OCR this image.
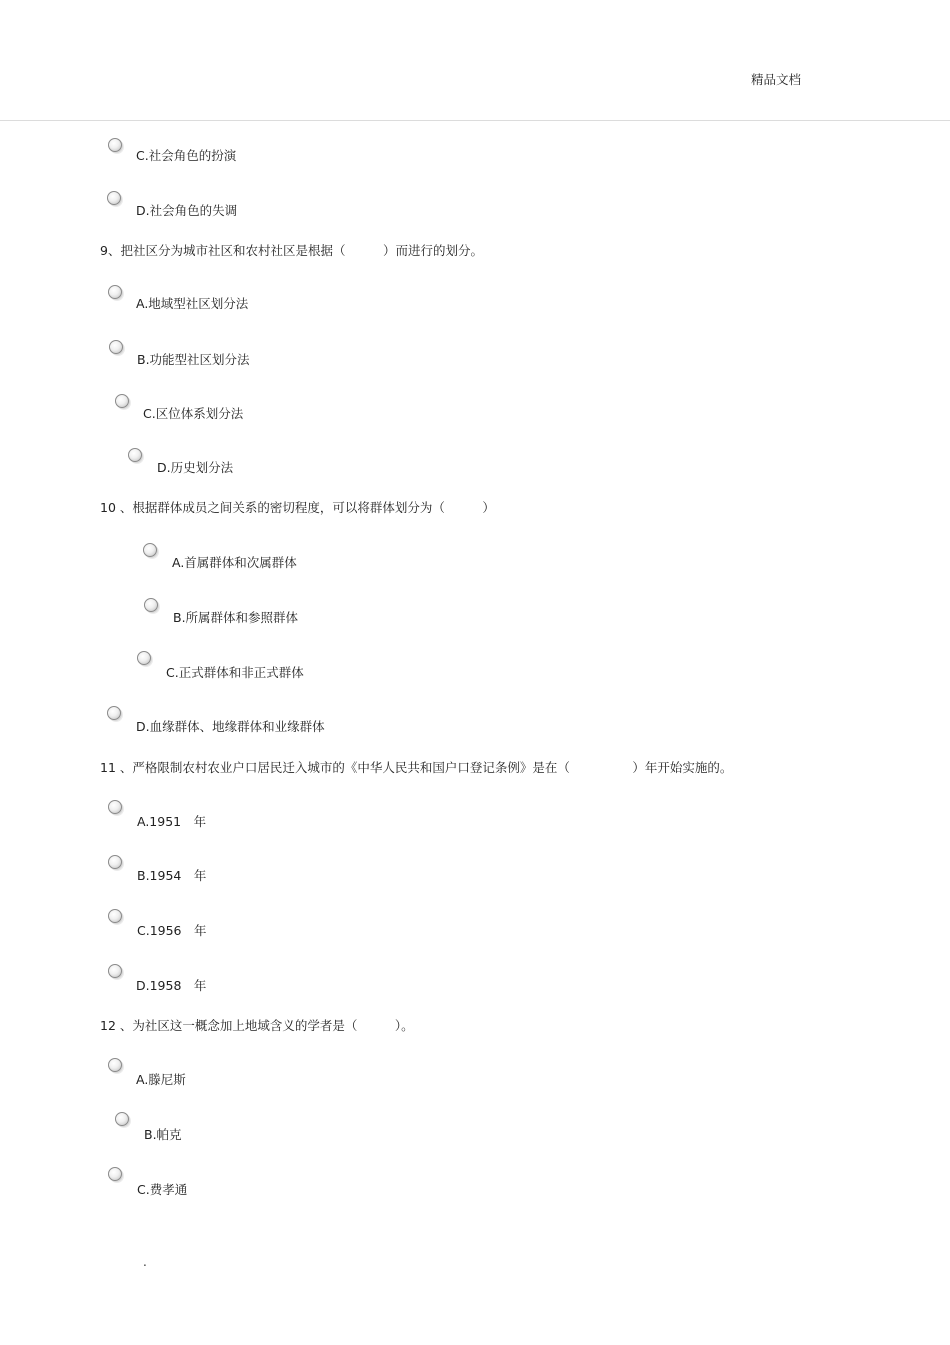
精品文档
C.社会角色的扮演
D.社会角色的失调
9、把社区分为城市社区和农村社区是根据（　　　）而进行的划分。
A.地域型社区划分法
B.功能型社区划分法
C.区位体系划分法
D.历史划分法
10 、根据群体成员之间关系的密切程度，可以将群体划分为（　　　）
A.首属群体和次属群体
B.所属群体和参照群体
C.正式群体和非正式群体
D.血缘群体、地缘群体和业缘群体
11 、严格限制农村农业户口居民迁入城市的《中华人民共和国户口登记条例》是在（　　　　　）年开始实施的。
A.1951　年
B.1954　年
C.1956　年
D.1958　年
12 、为社区这一概念加上地域含义的学者是（　　　）。
A.滕尼斯
B.帕克
C.费孝通
.
